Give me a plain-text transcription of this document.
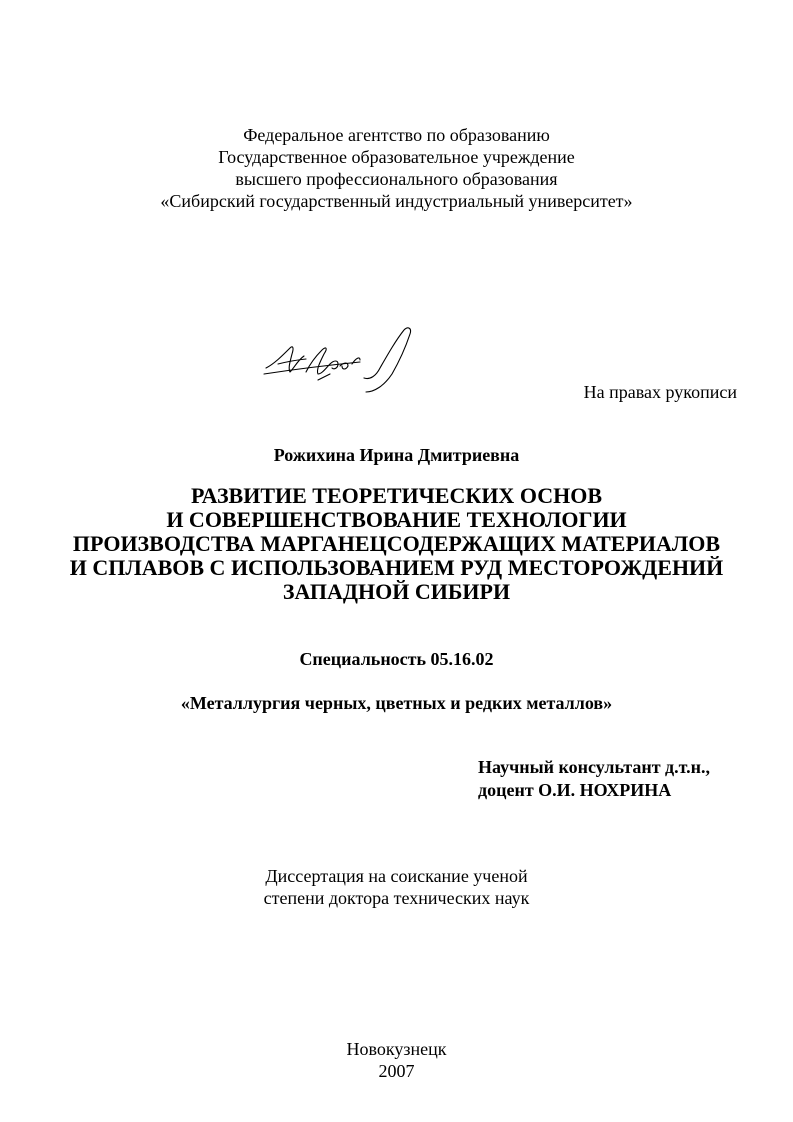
Федеральное агентство по образованию
Государственное образовательное учреждение
высшего профессионального образования
«Сибирский государственный индустриальный университет»
На правах рукописи
Рожихина Ирина Дмитриевна
РАЗВИТИЕ ТЕОРЕТИЧЕСКИХ ОСНОВ
И СОВЕРШЕНСТВОВАНИЕ ТЕХНОЛОГИИ
ПРОИЗВОДСТВА МАРГАНЕЦСОДЕРЖАЩИХ МАТЕРИАЛОВ
И СПЛАВОВ С ИСПОЛЬЗОВАНИЕМ РУД МЕСТОРОЖДЕНИЙ
ЗАПАДНОЙ СИБИРИ
Специальность 05.16.02
«Металлургия черных, цветных и редких металлов»
Научный консультант д.т.н.,
доцент О.И. НОХРИНА
Диссертация на соискание ученой
степени доктора технических наук
Новокузнецк
2007
